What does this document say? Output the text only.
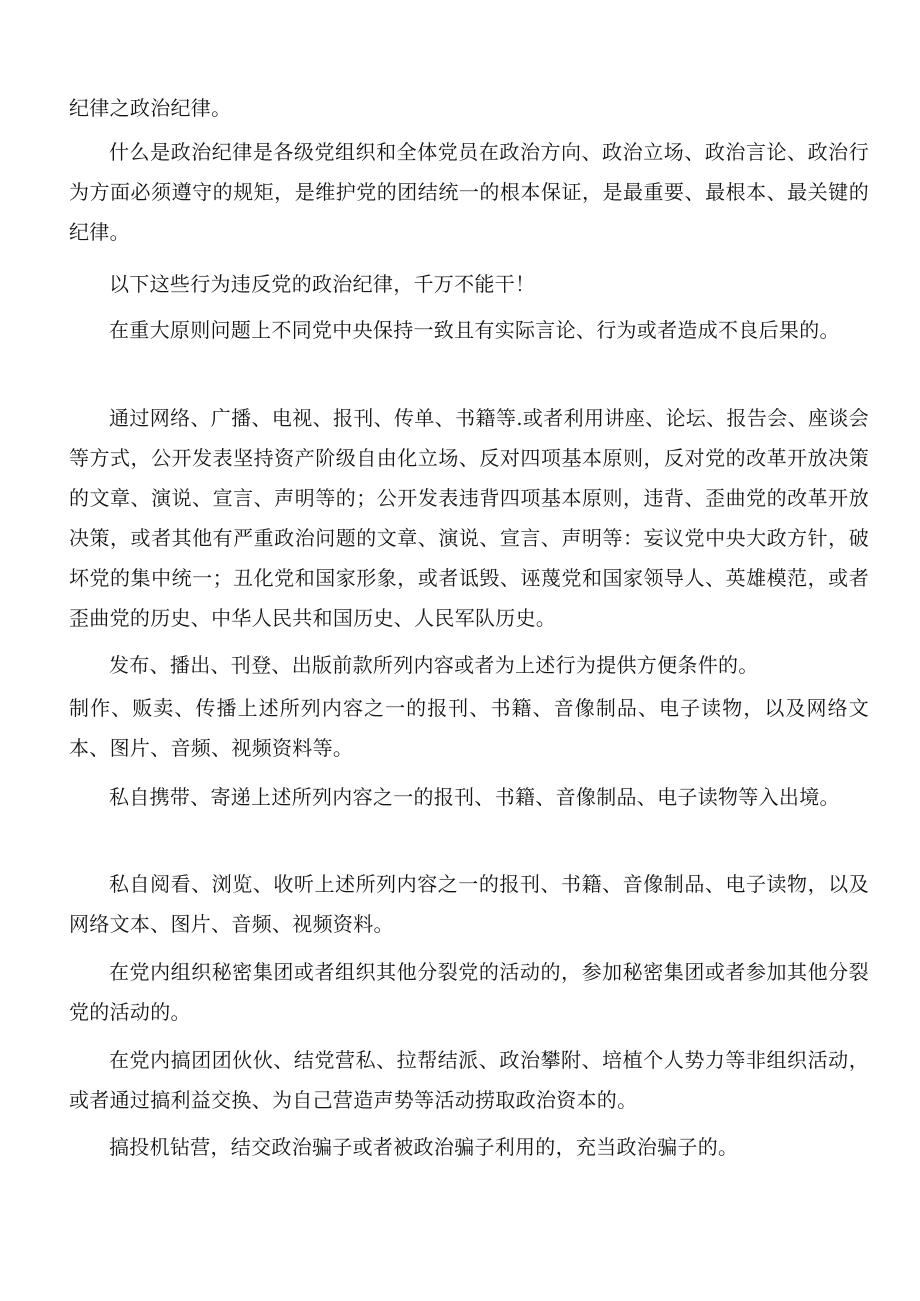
纪律之政治纪律。

什么是政治纪律是各级党组织和全体党员在政治方向、政治立场、政治言论、政治行为方面必须遵守的规矩，是维护党的团结统一的根本保证，是最重要、最根本、最关键的纪律。

以下这些行为违反党的政治纪律，千万不能干！

在重大原则问题上不同党中央保持一致且有实际言论、行为或者造成不良后果的。

通过网络、广播、电视、报刊、传单、书籍等.或者利用讲座、论坛、报告会、座谈会等方式，公开发表坚持资产阶级自由化立场、反对四项基本原则，反对党的改革开放决策的文章、演说、宣言、声明等的；公开发表违背四项基本原则，违背、歪曲党的改革开放决策，或者其他有严重政治问题的文章、演说、宣言、声明等：妄议党中央大政方针，破坏党的集中统一；丑化党和国家形象，或者诋毁、诬蔑党和国家领导人、英雄模范，或者歪曲党的历史、中华人民共和国历史、人民军队历史。

发布、播出、刊登、出版前款所列内容或者为上述行为提供方便条件的。

制作、贩卖、传播上述所列内容之一的报刊、书籍、音像制品、电子读物，以及网络文本、图片、音频、视频资料等。

私自携带、寄递上述所列内容之一的报刊、书籍、音像制品、电子读物等入出境。

私自阅看、浏览、收听上述所列内容之一的报刊、书籍、音像制品、电子读物，以及网络文本、图片、音频、视频资料。

在党内组织秘密集团或者组织其他分裂党的活动的，参加秘密集团或者参加其他分裂党的活动的。

在党内搞团团伙伙、结党营私、拉帮结派、政治攀附、培植个人势力等非组织活动，或者通过搞利益交换、为自己营造声势等活动捞取政治资本的。

搞投机钻营，结交政治骗子或者被政治骗子利用的，充当政治骗子的。
